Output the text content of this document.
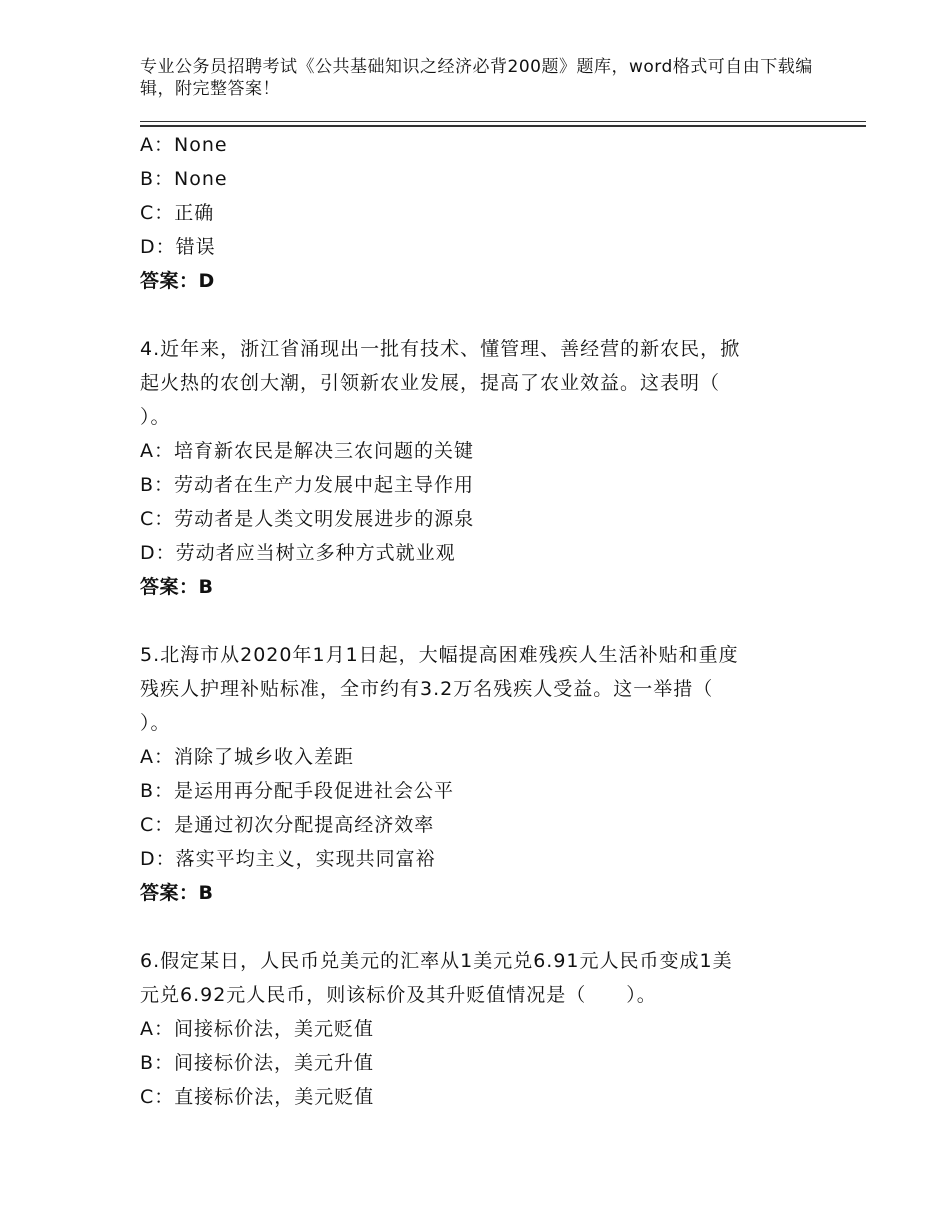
专业公务员招聘考试《公共基础知识之经济必背200题》题库，word格式可自由下载编辑，附完整答案！
A：None
B：None
C：正确
D：错误
答案：D
4.近年来，浙江省涌现出一批有技术、懂管理、善经营的新农民，掀
起火热的农创大潮，引领新农业发展，提高了农业效益。这表明（
）。
A：培育新农民是解决三农问题的关键
B：劳动者在生产力发展中起主导作用
C：劳动者是人类文明发展进步的源泉
D：劳动者应当树立多种方式就业观
答案：B
5.北海市从2020年1月1日起，大幅提高困难残疾人生活补贴和重度
残疾人护理补贴标准，全市约有3.2万名残疾人受益。这一举措（
）。
A：消除了城乡收入差距
B：是运用再分配手段促进社会公平
C：是通过初次分配提高经济效率
D：落实平均主义，实现共同富裕
答案：B
6.假定某日，人民币兑美元的汇率从1美元兑6.91元人民币变成1美
元兑6.92元人民币，则该标价及其升贬值情况是（　　）。
A：间接标价法，美元贬值
B：间接标价法，美元升值
C：直接标价法，美元贬值
